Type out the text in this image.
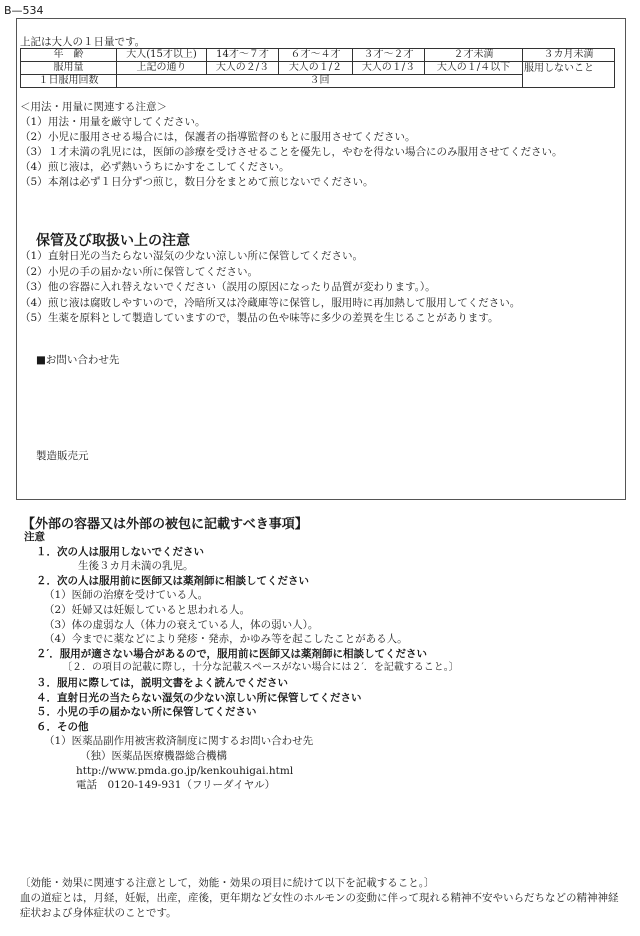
B—534
上記は大人の１日量です。
年　齢	大人(15才以上)	14才〜７才	６才〜４才	３才〜２才	２才未満	３カ月未満
服用量	上記の通り	大人の２/３	大人の１/２	大人の１/３	大人の１/４以下	服用しないこと
１日服用回数	３回					

＜用法・用量に関連する注意＞

（1） 用法・用量を厳守してください。

（2） 小児に服用させる場合には，保護者の指導監督のもとに服用させてください。

（3） １才未満の乳児には，医師の診療を受けさせることを優先し，やむを得ない場合にのみ服用させてください。

（4） 煎じ液は，必ず熱いうちにかすをこしてください。

（5） 本剤は必ず１日分ずつ煎じ，数日分をまとめて煎じないでください。

保管及び取扱い上の注意

（1） 直射日光の当たらない湿気の少ない涼しい所に保管してください。

（2） 小児の手の届かない所に保管してください。

（3） 他の容器に入れ替えないでください（誤用の原因になったり品質が変わります。）。

（4） 煎じ液は腐敗しやすいので，冷暗所又は冷蔵庫等に保管し，服用時に再加熱して服用してください。

（5） 生薬を原料として製造していますので，製品の色や味等に多少の差異を生じることがあります。

■お問い合わせ先
製造販売元
【外部の容器又は外部の被包に記載すべき事項】

注意

１．次の人は服用しないでください

生後３カ月未満の乳児。

２．次の人は服用前に医師又は薬剤師に相談してください

（1）医師の治療を受けている人。

（2）妊婦又は妊娠していると思われる人。

（3）体の虚弱な人（体力の衰えている人，体の弱い人）。

（4）今までに薬などにより発疹・発赤，かゆみ等を起こしたことがある人。

２′．服用が適さない場合があるので，服用前に医師又は薬剤師に相談してください

〔２．の項目の記載に際し，十分な記載スペースがない場合には２′．を記載すること。〕

３．服用に際しては，説明文書をよく読んでください

４．直射日光の当たらない湿気の少ない涼しい所に保管してください

５．小児の手の届かない所に保管してください

６．その他

（1）医薬品副作用被害救済制度に関するお問い合わせ先

（独）医薬品医療機器総合機構

http://www.pmda.go.jp/kenkouhigai.html

電話　0120-149-931（フリーダイヤル）

〔効能・効果に関連する注意として，効能・効果の項目に続けて以下を記載すること。〕

血の道症とは，月経，妊娠，出産，産後，更年期など女性のホルモンの変動に伴って現れる精神不安やいらだちなどの精神神経症状および身体症状のことです。
